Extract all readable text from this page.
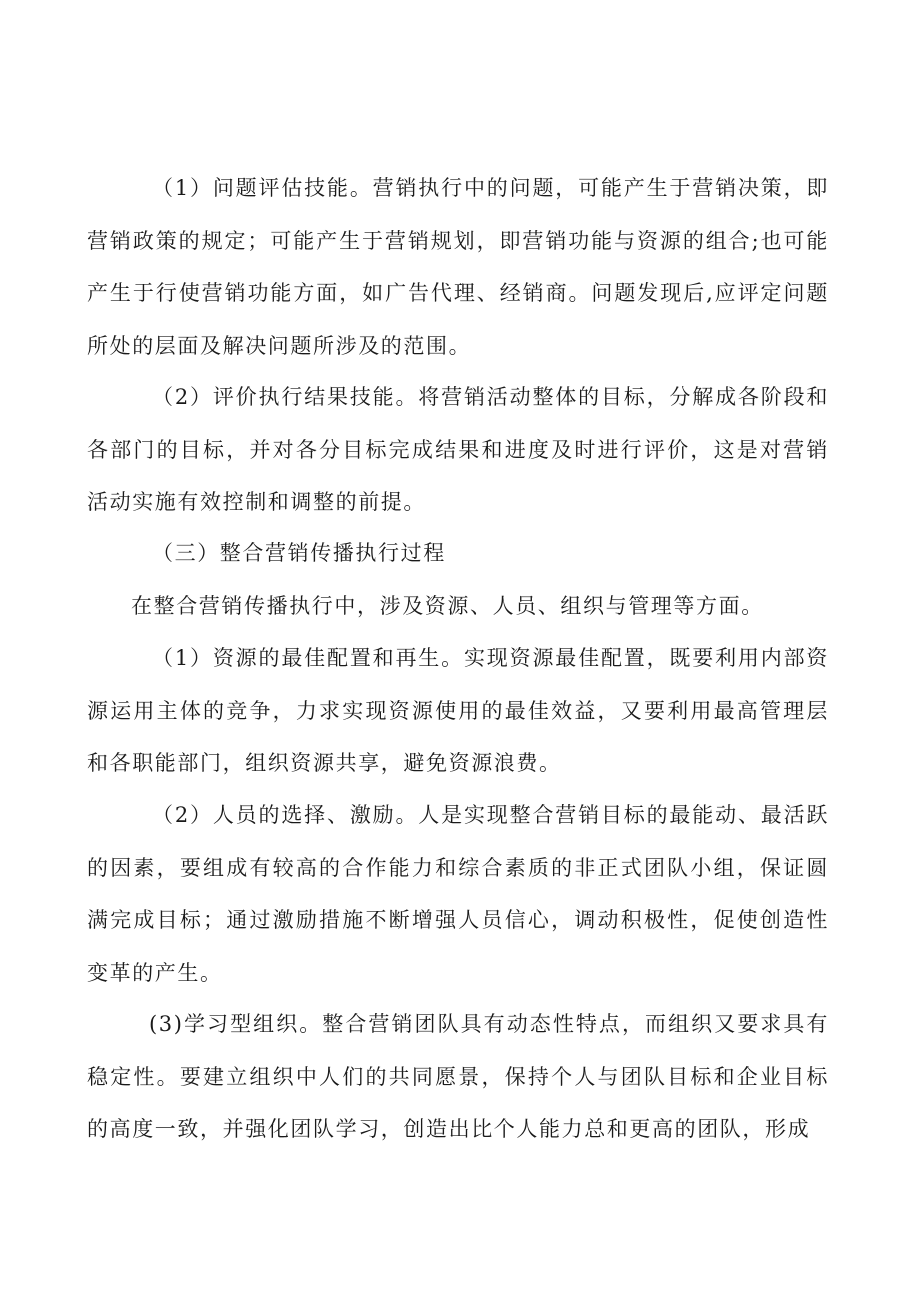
（1）问题评估技能。营销执行中的问题，可能产生于营销决策，即营销政策的规定；可能产生于营销规划，即营销功能与资源的组合;也可能产生于行使营销功能方面，如广告代理、经销商。问题发现后,应评定问题所处的层面及解决问题所涉及的范围。

（2）评价执行结果技能。将营销活动整体的目标，分解成各阶段和各部门的目标，并对各分目标完成结果和进度及时进行评价，这是对营销活动实施有效控制和调整的前提。

（三）整合营销传播执行过程

在整合营销传播执行中，涉及资源、人员、组织与管理等方面。

（1）资源的最佳配置和再生。实现资源最佳配置，既要利用内部资源运用主体的竞争，力求实现资源使用的最佳效益，又要利用最高管理层和各职能部门，组织资源共享，避免资源浪费。

（2）人员的选择、激励。人是实现整合营销目标的最能动、最活跃的因素，要组成有较高的合作能力和综合素质的非正式团队小组，保证圆满完成目标；通过激励措施不断增强人员信心，调动积极性，促使创造性变革的产生。

(3)学习型组织。整合营销团队具有动态性特点，而组织又要求具有稳定性。要建立组织中人们的共同愿景，保持个人与团队目标和企业目标的高度一致，并强化团队学习，创造出比个人能力总和更高的团队，形成
